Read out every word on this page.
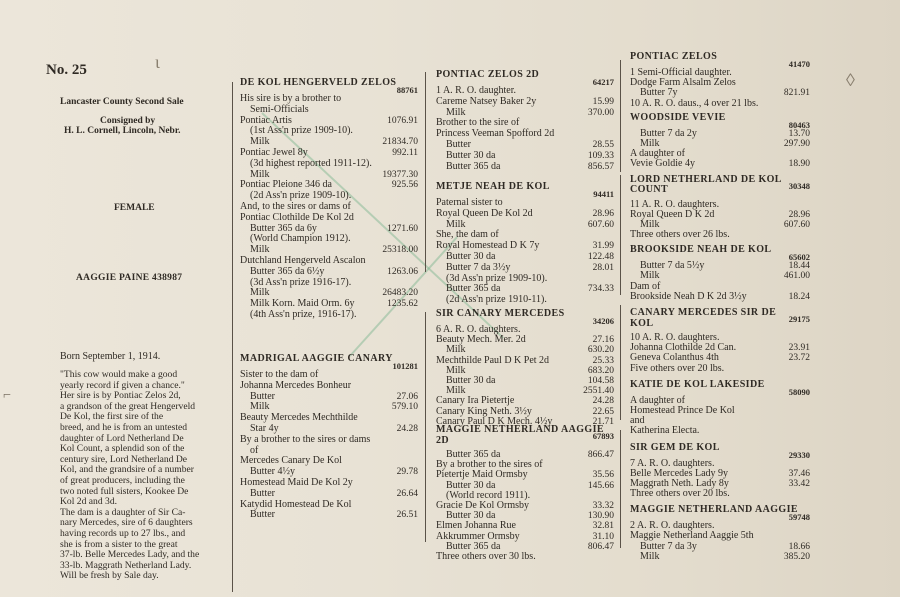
No. 25
Lancaster County Second Sale
Consigned by
H. L. Cornell, Lincoln, Nebr.
FEMALE
AAGGIE PAINE 438987
Born September 1, 1914.
"This cow would make a good
yearly record if given a chance."
Her sire is by Pontiac Zelos 2d,
a grandson of the great Hengerveld
De Kol, the first sire of the
breed, and he is from an untested
daughter of Lord Netherland De
Kol Count, a splendid son of the
century sire, Lord Netherland De
Kol, and the grandsire of a number
of great producers, including the
two noted full sisters, Kookee De
Kol 2d and 3d.
The dam is a daughter of Sir Ca-
nary Mercedes, sire of 6 daughters
having records up to 27 lbs., and
she is from a sister to the great
37-lb. Belle Mercedes Lady, and the
33-lb. Maggrath Netherland Lady.
Will be fresh by Sale day.
⌐
DE KOL HENGERVELD ZELOS
88761
His sire is by a brother to
Semi-Officials
Pontiac Artis	1076.91
(1st Ass'n prize 1909-10).
Milk	21834.70
Pontiac Jewel 8y	992.11
(3d highest reported 1911-12).
Milk	19377.30
Pontiac Pleione 346 da	925.56
(2d Ass'n prize 1909-10).
And, to the sires or dams of
Pontiac Clothilde De Kol 2d
Butter 365 da 6y	1271.60
(World Champion 1912).
Milk	25318.00
Dutchland Hengerveld Ascalon
Butter 365 da 6½y	1263.06
(3d Ass'n prize 1916-17).
Milk	26483.20
Milk Korn. Maid Orm. 6y	1235.62
(4th Ass'n prize, 1916-17).
MADRIGAL AAGGIE CANARY
101281
Sister to the dam of
Johanna Mercedes Bonheur
Butter	27.06
Milk	579.10
Beauty Mercedes Mechthilde
Star 4y	24.28
By a brother to the sires or dams
of
Mercedes Canary De Kol
Butter 4½y	29.78
Homestead Maid De Kol 2y
Butter	26.64
Katydid Homestead De Kol
Butter	26.51
PONTIAC ZELOS 2D
64217
1 A. R. O. daughter.
Careme Natsey Baker 2y	15.99
Milk	370.00
Brother to the sire of
Princess Veeman Spofford 2d
Butter	28.55
Butter 30 da	109.33
Butter 365 da	856.57
METJE NEAH DE KOL
94411
Paternal sister to
Royal Queen De Kol 2d	28.96
Milk	607.60
She, the dam of
Royal Homestead D K 7y	31.99
Butter 30 da	122.48
Butter 7 da 3½y	28.01
(3d Ass'n prize 1909-10).
Butter 365 da	734.33
(2d Ass'n prize 1910-11).
SIR CANARY MERCEDES
34206
6 A. R. O. daughters.
Beauty Mech. Mer. 2d	27.16
Milk	630.20
Mechthilde Paul D K Pet 2d	25.33
Milk	683.20
Butter 30 da	104.58
Milk	2551.40
Canary Ira Pietertje	24.28
Canary King Neth. 3½y	22.65
Canary Paul D K Mech. 4½y	21.71
MAGGIE NETHERLAND AAGGIE
2D	67893
Butter 365 da	866.47
By a brother to the sires of
Pietertje Maid Ormsby	35.56
Butter 30 da	145.66
(World record 1911).
Gracie De Kol Ormsby	33.32
Butter 30 da	130.90
Elmen Johanna Rue	32.81
Akkrummer Ormsby	31.10
Butter 365 da	806.47
Three others over 30 lbs.
PONTIAC ZELOS
41470
1 Semi-Official daughter.
Dodge Farm Alsalm Zelos
Butter 7y	821.91
10 A. R. O. daus., 4 over 21 lbs.
WOODSIDE VEVIE
80463
Butter 7 da 2y	13.70
Milk	297.90
A daughter of
Vevie Goldie 4y	18.90
LORD NETHERLAND DE KOL
COUNT	30348
11 A. R. O. daughters.
Royal Queen D K 2d	28.96
Milk	607.60
Three others over 26 lbs.
BROOKSIDE NEAH DE KOL
65602
Butter 7 da 5½y	18.44
Milk	461.00
Dam of
Brookside Neah D K 2d 3½y	18.24
CANARY MERCEDES SIR DE
KOL	29175
10 A. R. O. daughters.
Johanna Clothilde 2d Can.	23.91
Geneva Colanthus 4th	23.72
Five others over 20 lbs.
KATIE DE KOL LAKESIDE
58090
A daughter of
Homestead Prince De Kol
and
Katherina Electa.
SIR GEM DE KOL
29330
7 A. R. O. daughters.
Belle Mercedes Lady 9y	37.46
Maggrath Neth. Lady 8y	33.42
Three others over 20 lbs.
MAGGIE NETHERLAND AAGGIE
59748
2 A. R. O. daughters.
Maggie Netherland Aaggie 5th
Butter 7 da 3y	18.66
Milk	385.20
◊
ɩ
